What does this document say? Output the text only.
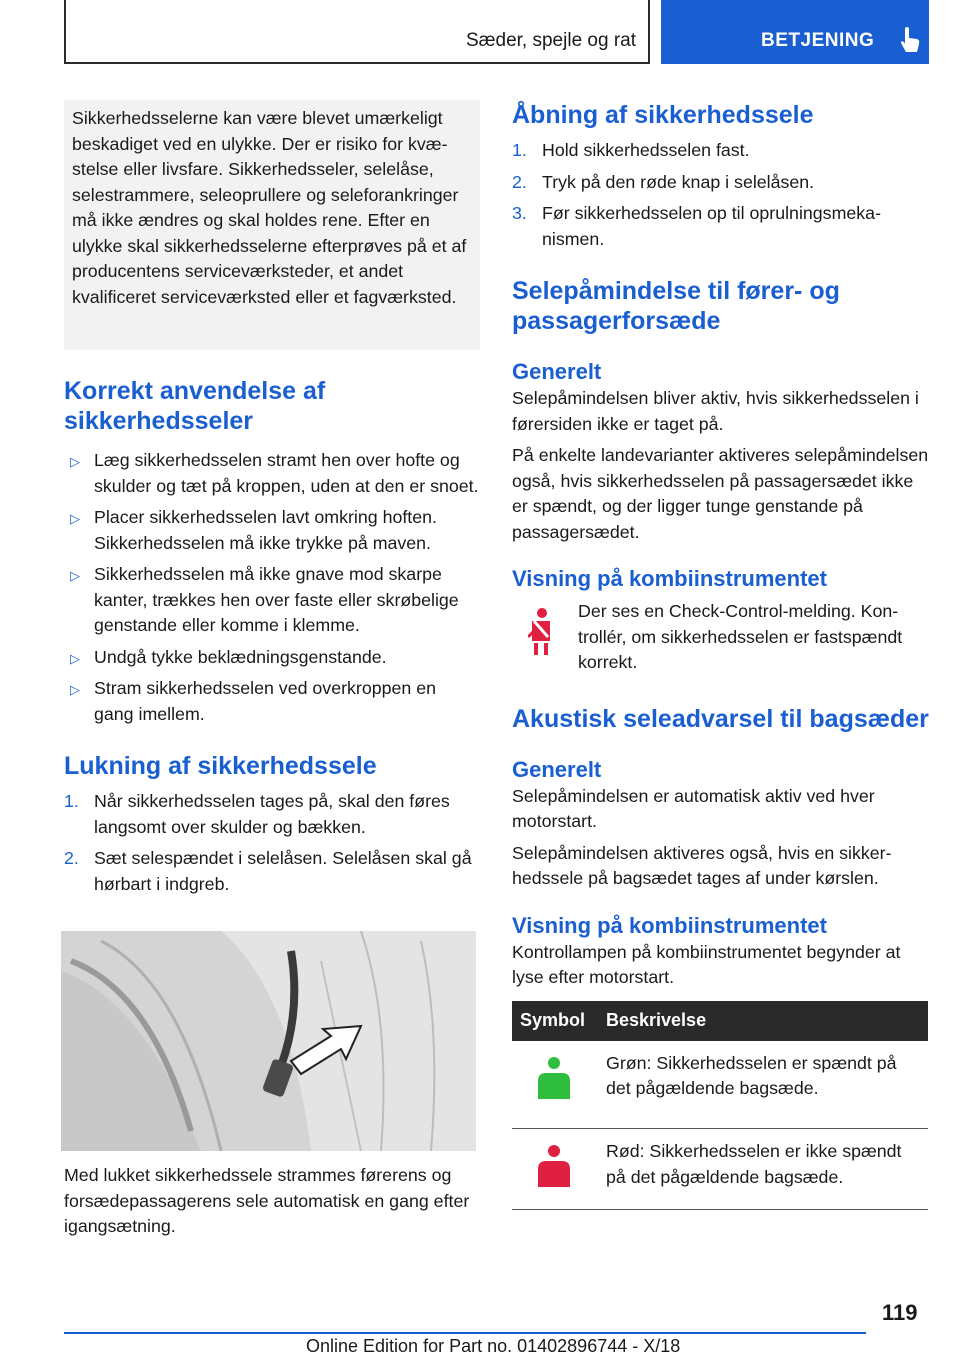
Sæder, spejle og rat	BETJENING

Sikkerhedsselerne kan være blevet umærkeligt beskadiget ved en ulykke. Der er risiko for kvæstelse eller livsfare. Sikkerhedsseler, selelåse, selestrammere, seleoprullere og seleforankringer må ikke ændres og skal holdes rene. Efter en ulykke skal sikkerhedsselerne efterprøves på et af producentens serviceværksteder, et andet kvalificeret serviceværksted eller et fagværksted.

Korrekt anvendelse af sikkerhedsseler
▷ Læg sikkerhedsselen stramt hen over hofte og skulder og tæt på kroppen, uden at den er snoet.
▷ Placer sikkerhedsselen lavt omkring hoften. Sikkerhedsselen må ikke trykke på maven.
▷ Sikkerhedsselen må ikke gnave mod skarpe kanter, trækkes hen over faste eller skrøbelige genstande eller komme i klemme.
▷ Undgå tykke beklædningsgenstande.
▷ Stram sikkerhedsselen ved overkroppen en gang imellem.
Lukning af sikkerhedssele
1. Når sikkerhedsselen tages på, skal den føres langsomt over skulder og bækken.
2. Sæt selespændet i selelåsen. Selelåsen skal gå hørbart i indgreb.

Med lukket sikkerhedssele strammes førerens og forsædepassagerens sele automatisk en gang efter igangsætning.

Åbning af sikkerhedssele
1. Hold sikkerhedsselen fast.
2. Tryk på den røde knap i selelåsen.
3. Før sikkerhedsselen op til oprulningsmekanismen.
Selepåmindelse til fører- og passagerforsæde
Generelt

Selepåmindelsen bliver aktiv, hvis sikkerhedsselen i førersiden ikke er taget på.

På enkelte landevarianter aktiveres selepåmindelsen også, hvis sikkerhedsselen på passagersædet ikke er spændt, og der ligger tunge genstande på passagersædet.

Visning på kombiinstrumentet

Der ses en Check-Control-melding. Kontrollér, om sikkerhedsselen er fastspændt korrekt.

Akustisk seleadvarsel til bagsæder
Generelt

Selepåmindelsen er automatisk aktiv ved hver motorstart.

Selepåmindelsen aktiveres også, hvis en sikkerhedssele på bagsædet tages af under kørslen.

Visning på kombiinstrumentet

Kontrollampen på kombiinstrumentet begynder at lyse efter motorstart.

Symbol	Beskrivelse
	Grøn: Sikkerhedsselen er spændt på det pågældende bagsæde.
	Rød: Sikkerhedsselen er ikke spændt på det pågældende bagsæde.
119
Online Edition for Part no. 01402896744 - X/18
